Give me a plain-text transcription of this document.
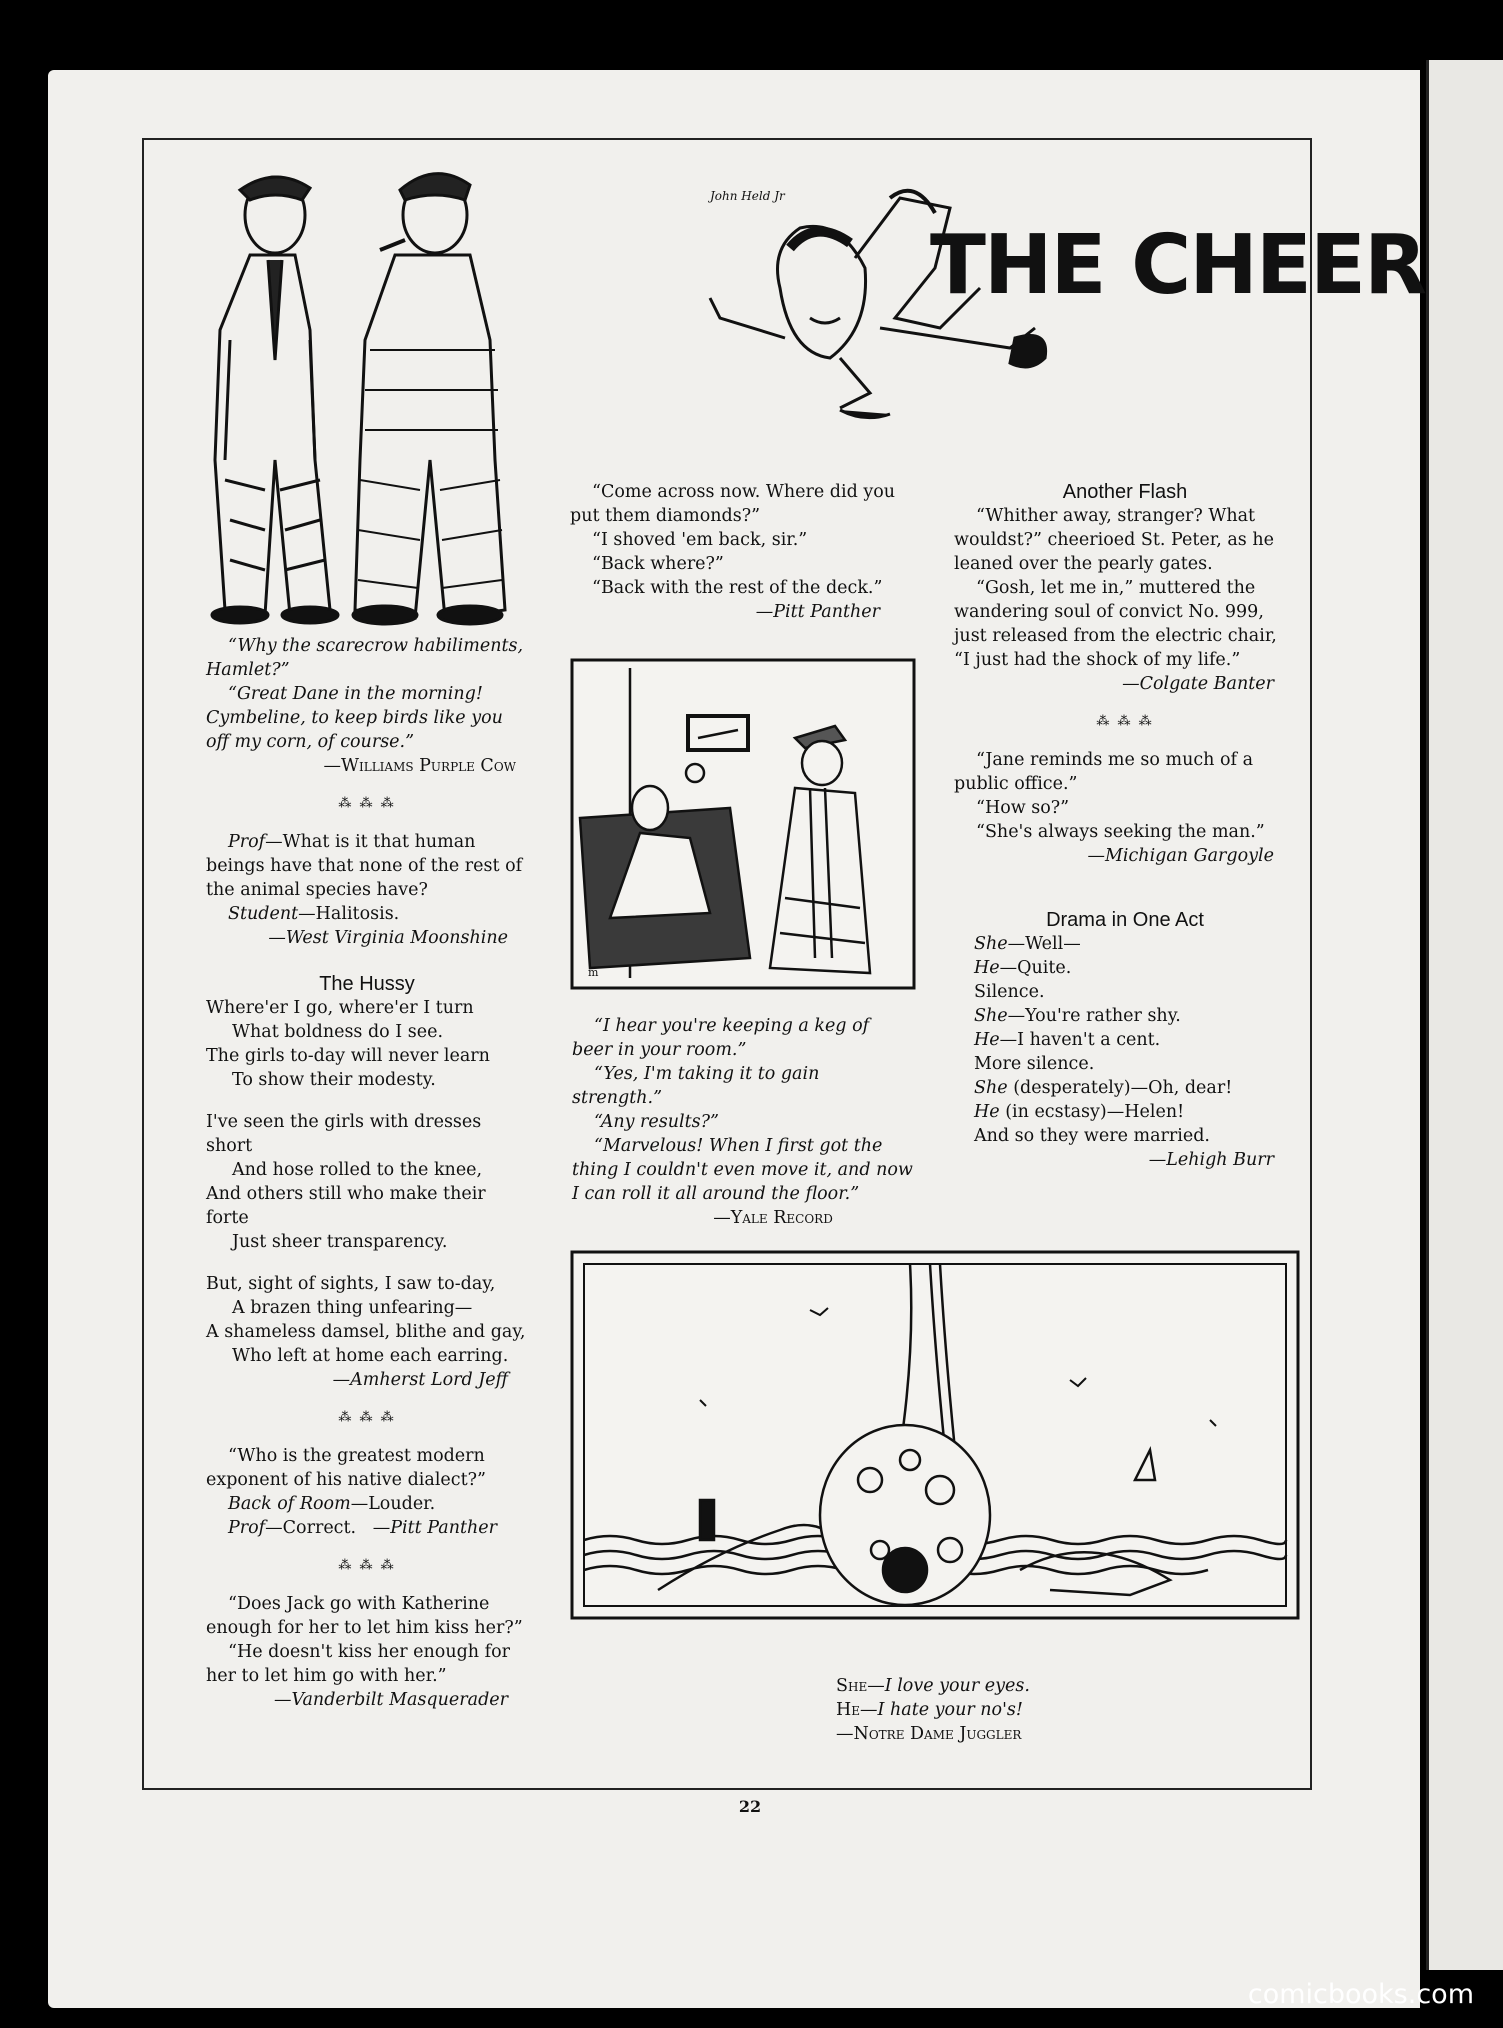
John Held Jr
THE CHEER

“Why the scarecrow habiliments, Hamlet?”

“Great Dane in the morning! Cymbeline, to keep birds like you off my corn, of course.”

—Williams Purple Cow

⁂ ⁂ ⁂

Prof—What is it that human beings have that none of the rest of the animal species have?

Student—Halitosis.

—West Virginia Moonshine

The Hussy

Where'er I go, where'er I turn

What boldness do I see.

The girls to-day will never learn

To show their modesty.

I've seen the girls with dresses short

And hose rolled to the knee,

And others still who make their forte

Just sheer transparency.

But, sight of sights, I saw to-day,

A brazen thing unfearing—

A shameless damsel, blithe and gay,

Who left at home each earring.

—Amherst Lord Jeff

⁂ ⁂ ⁂

“Who is the greatest modern exponent of his native dialect?”

Back of Room—Louder.

Prof—Correct. —Pitt Panther

⁂ ⁂ ⁂

“Does Jack go with Katherine enough for her to let him kiss her?”

“He doesn't kiss her enough for her to let him go with her.”

—Vanderbilt Masquerader

“Come across now. Where did you put them diamonds?”

“I shoved 'em back, sir.”

“Back where?”

“Back with the rest of the deck.”

—Pitt Panther

m

“I hear you're keeping a keg of beer in your room.”

“Yes, I'm taking it to gain strength.”

“Any results?”

“Marvelous! When I first got the thing I couldn't even move it, and now I can roll it all around the floor.”

—Yale Record

Another Flash

“Whither away, stranger? What wouldst?” cheerioed St. Peter, as he leaned over the pearly gates.

“Gosh, let me in,” muttered the wandering soul of convict No. 999, just released from the electric chair, “I just had the shock of my life.”

—Colgate Banter

⁂ ⁂ ⁂

“Jane reminds me so much of a public office.”

“How so?”

“She's always seeking the man.”

—Michigan Gargoyle

Drama in One Act

She—Well—

He—Quite.

Silence.

She—You're rather shy.

He—I haven't a cent.

More silence.

She (desperately)—Oh, dear!

He (in ecstasy)—Helen!

And so they were married.

—Lehigh Burr

She—I love your eyes.

He—I hate your no's!

—Notre Dame Juggler

22
comicbooks.com
